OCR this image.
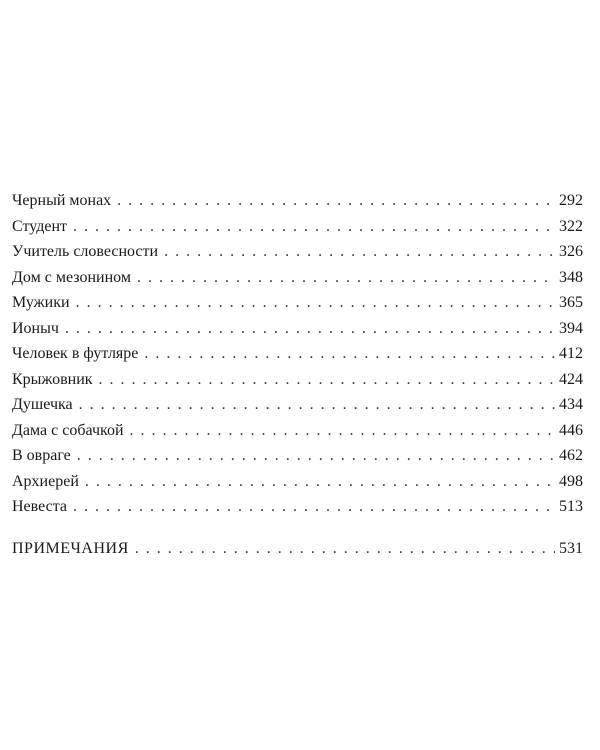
Черный монах . . .	292
Студент . . .	322
Учитель словесности . . .	326
Дом с мезонином . . .	348
Мужики . . .	365
Ионыч . . .	394
Человек в футляре . . .	412
Крыжовник . . .	424
Душечка . . .	434
Дама с собачкой . . .	446
В овраге . . .	462
Архиерей . . .	498
Невеста . . .	513
ПРИМЕЧАНИЯ . . .	531
